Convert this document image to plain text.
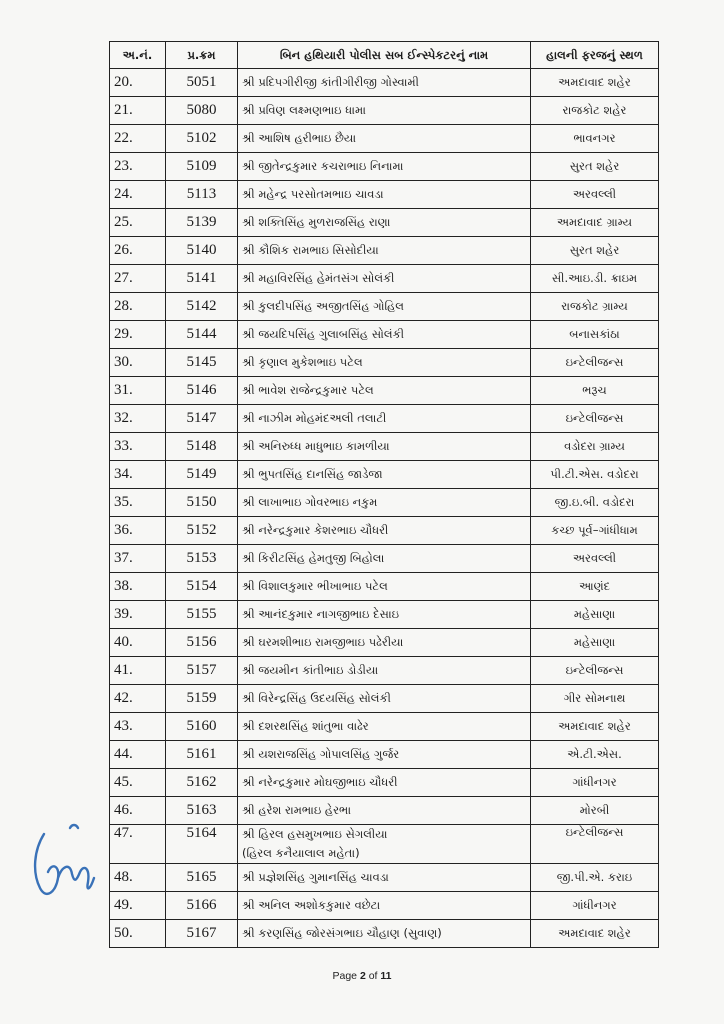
અ.નં.	પ્ર.ક્રમ	બિન હથિયારી પોલીસ સબ ઈન્સ્પેકટરનું નામ	હાલની ફરજનું સ્થળ
20.	5051	શ્રી પ્રદિપગીરીજી કાંતીગીરીજી ગોસ્વામી	અમદાવાદ શહેર
21.	5080	શ્રી પ્રવિણ લક્ષ્મણભાઇ ધામા	રાજકોટ શહેર
22.	5102	શ્રી આશિષ હરીભાઇ છૈયા	ભાવનગર
23.	5109	શ્રી જીતેન્દ્રકુમાર કચરાભાઇ નિનામા	સુરત શહેર
24.	5113	શ્રી મહેન્દ્ર પરસોતમભાઇ ચાવડા	અરવલ્લી
25.	5139	શ્રી શક્તિસિંહ મુળરાજસિંહ રાણા	અમદાવાદ ગ્રામ્ય
26.	5140	શ્રી કૌશિક રામભાઇ સિસોદીયા	સુરત શહેર
27.	5141	શ્રી મહાવિરસિંહ હેમંતસંગ સોલંકી	સી.આઇ.ડી. ક્રાઇમ
28.	5142	શ્રી કુલદીપસિંહ અજીતસિંહ ગોહિલ	રાજકોટ ગ્રામ્ય
29.	5144	શ્રી જયદિપસિંહ ગુલાબસિંહ સોલંકી	બનાસકાંઠા
30.	5145	શ્રી કૃણાલ મુકેશભાઇ પટેલ	ઇન્ટેલીજન્સ
31.	5146	શ્રી ભાવેશ રાજેન્દ્રકુમાર પટેલ	ભરૂચ
32.	5147	શ્રી નાઝીમ મોહમંદઅલી તલાટી	ઇન્ટેલીજન્સ
33.	5148	શ્રી અનિરુધ્ધ માધુભાઇ કામળીયા	વડોદરા ગ્રામ્ય
34.	5149	શ્રી ભુપતસિંહ દાનસિંહ જાડેજા	પી.ટી.એસ. વડોદરા
35.	5150	શ્રી લાખાભાઇ ગોવરભાઇ નકુમ	જી.ઇ.બી. વડોદરા
36.	5152	શ્રી નરેન્દ્રકુમાર કેશરભાઇ ચૌધરી	કચ્છ પૂર્વ–ગાંધીધામ
37.	5153	શ્રી કિરીટસિંહ હેમતુજી બિહોલા	અરવલ્લી
38.	5154	શ્રી વિશાલકુમાર ભીખાભાઇ પટેલ	આણંદ
39.	5155	શ્રી આનંદકુમાર નાગજીભાઇ દેસાઇ	મહેસાણા
40.	5156	શ્રી ઘરમશીભાઇ રામજીભાઇ પઢેરીયા	મહેસાણા
41.	5157	શ્રી જયમીન કાંતીભાઇ ડોડીયા	ઇન્ટેલીજન્સ
42.	5159	શ્રી વિરેન્દ્રસિંહ ઉદયસિંહ સોલંકી	ગીર સોમનાથ
43.	5160	શ્રી દશરથસિંહ શાંતુભા વાઢેર	અમદાવાદ શહેર
44.	5161	શ્રી યશરાજસિંહ ગોપાલસિંહ ગુર્જર	એ.ટી.એસ.
45.	5162	શ્રી નરેન્દ્રકુમાર મોઘજીભાઇ ચૌધરી	ગાંધીનગર
46.	5163	શ્રી હરેશ રામભાઇ હેરભા	મોરબી
47.	5164	શ્રી હિરલ હસમુખભાઇ સેગલીયા
(હિરલ કનૈયાલાલ મહેતા)	ઇન્ટેલીજન્સ
48.	5165	શ્રી પ્રજ્ઞેશસિંહ ગુમાનસિંહ ચાવડા	જી.પી.એ. કરાઇ
49.	5166	શ્રી અનિલ અશોકકુમાર વછેટા	ગાંધીનગર
50.	5167	શ્રી કરણસિંહ જોરસંગભાઇ ચૌહાણ (સુવાણ)	અમદાવાદ શહેર
Page 2 of 11
